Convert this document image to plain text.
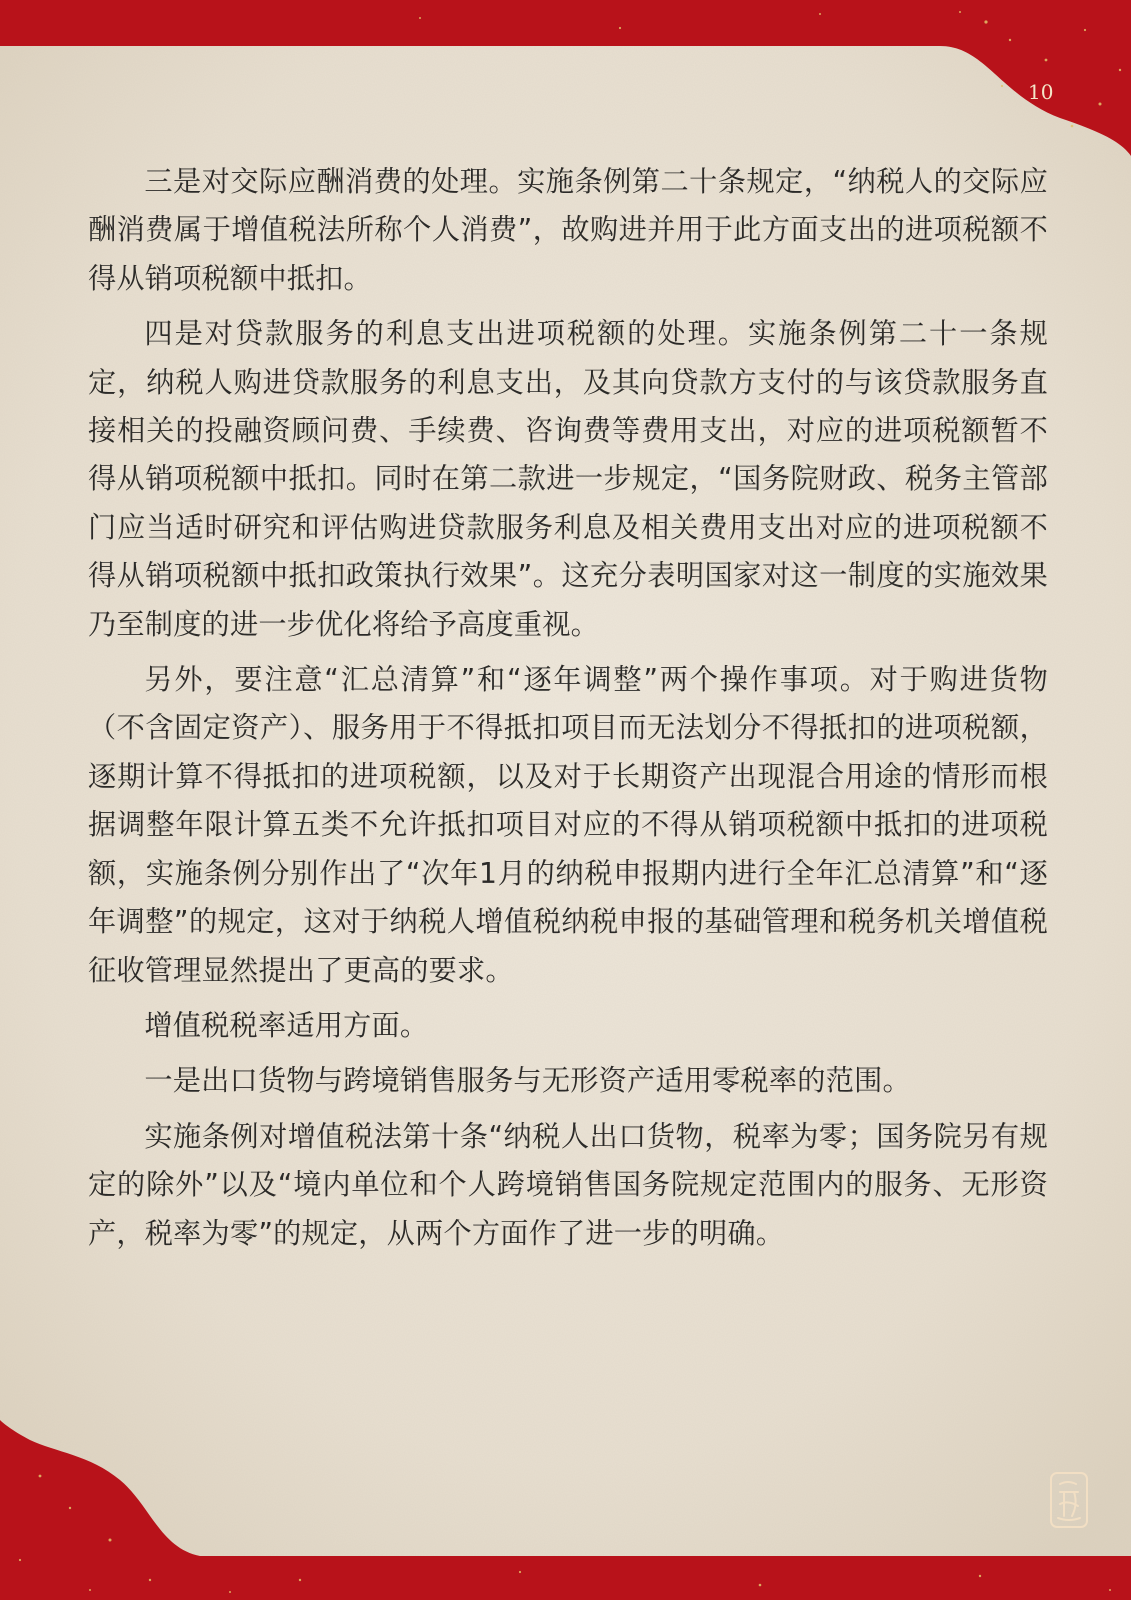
10

三是对交际应酬消费的处理。实施条例第二十条规定，“纳税人的交际应酬消费属于增值税法所称个人消费”，故购进并用于此方面支出的进项税额不得从销项税额中抵扣。

四是对贷款服务的利息支出进项税额的处理。实施条例第二十一条规定，纳税人购进贷款服务的利息支出，及其向贷款方支付的与该贷款服务直接相关的投融资顾问费、手续费、咨询费等费用支出，对应的进项税额暂不得从销项税额中抵扣。同时在第二款进一步规定，“国务院财政、税务主管部门应当适时研究和评估购进贷款服务利息及相关费用支出对应的进项税额不得从销项税额中抵扣政策执行效果”。这充分表明国家对这一制度的实施效果乃至制度的进一步优化将给予高度重视。

另外，要注意“汇总清算”和“逐年调整”两个操作事项。对于购进货物（不含固定资产）、服务用于不得抵扣项目而无法划分不得抵扣的进项税额，逐期计算不得抵扣的进项税额，以及对于长期资产出现混合用途的情形而根据调整年限计算五类不允许抵扣项目对应的不得从销项税额中抵扣的进项税额，实施条例分别作出了“次年1月的纳税申报期内进行全年汇总清算”和“逐年调整”的规定，这对于纳税人增值税纳税申报的基础管理和税务机关增值税征收管理显然提出了更高的要求。

增值税税率适用方面。

一是出口货物与跨境销售服务与无形资产适用零税率的范围。

实施条例对增值税法第十条“纳税人出口货物，税率为零；国务院另有规定的除外”以及“境内单位和个人跨境销售国务院规定范围内的服务、无形资产，税率为零”的规定，从两个方面作了进一步的明确。
